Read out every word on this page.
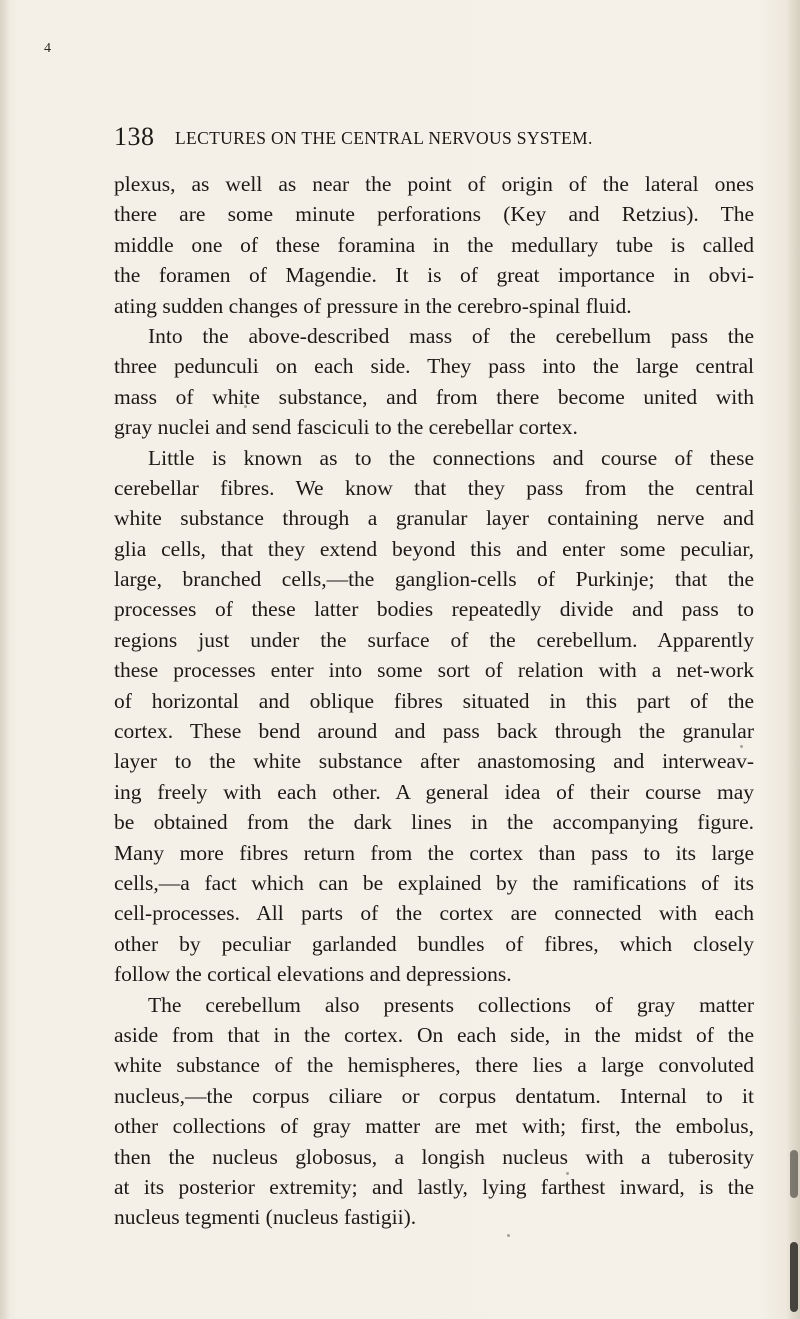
4
138 LECTURES ON THE CENTRAL NERVOUS SYSTEM.
plexus, as well as near the point of origin of the lateral ones
there are some minute perforations (Key and Retzius). The
middle one of these foramina in the medullary tube is called
the foramen of Magendie. It is of great importance in obvi-
ating sudden changes of pressure in the cerebro-spinal fluid.
Into the above-described mass of the cerebellum pass the
three pedunculi on each side. They pass into the large central
mass of white substance, and from there become united with
gray nuclei and send fasciculi to the cerebellar cortex.
Little is known as to the connections and course of these
cerebellar fibres. We know that they pass from the central
white substance through a granular layer containing nerve and
glia cells, that they extend beyond this and enter some peculiar,
large, branched cells,—the ganglion-cells of Purkinje; that the
processes of these latter bodies repeatedly divide and pass to
regions just under the surface of the cerebellum. Apparently
these processes enter into some sort of relation with a net-work
of horizontal and oblique fibres situated in this part of the
cortex. These bend around and pass back through the granular
layer to the white substance after anastomosing and interweav-
ing freely with each other. A general idea of their course may
be obtained from the dark lines in the accompanying figure.
Many more fibres return from the cortex than pass to its large
cells,—a fact which can be explained by the ramifications of its
cell-processes. All parts of the cortex are connected with each
other by peculiar garlanded bundles of fibres, which closely
follow the cortical elevations and depressions.
The cerebellum also presents collections of gray matter
aside from that in the cortex. On each side, in the midst of the
white substance of the hemispheres, there lies a large convoluted
nucleus,—the corpus ciliare or corpus dentatum. Internal to it
other collections of gray matter are met with; first, the embolus,
then the nucleus globosus, a longish nucleus with a tuberosity
at its posterior extremity; and lastly, lying farthest inward, is the
nucleus tegmenti (nucleus fastigii).
